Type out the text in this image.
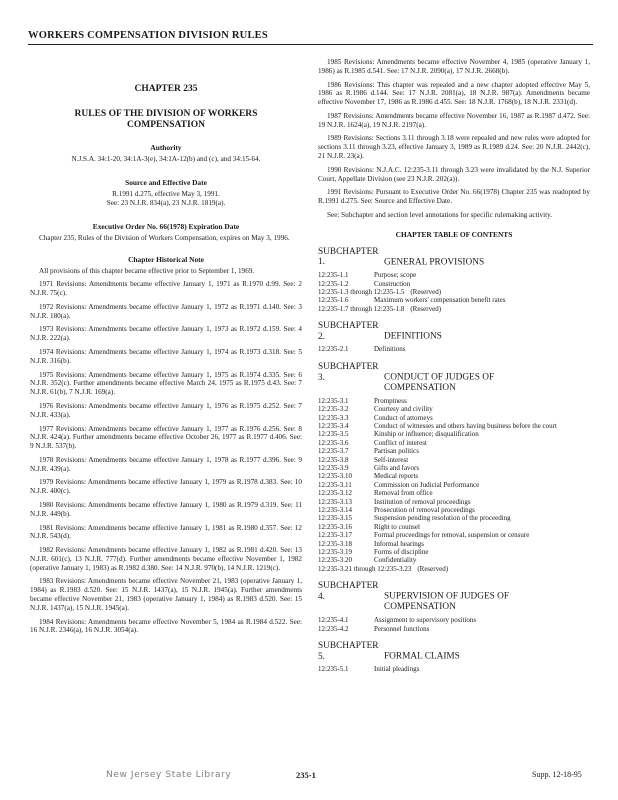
WORKERS COMPENSATION DIVISION RULES
CHAPTER 235
RULES OF THE DIVISION OF WORKERS
COMPENSATION
Authority
N.J.S.A. 34:1-20, 34:1A-3(e), 34:1A-12(b) and (c), and 34:15-64.
Source and Effective Date
R.1991 d.275, effective May 3, 1991.
See: 23 N.J.R. 834(a), 23 N.J.R. 1819(a).
Executive Order No. 66(1978) Expiration Date

Chapter 235, Rules of the Division of Workers Compensation, expires on May 3, 1996.

Chapter Historical Note

All provisions of this chapter became effective prior to September 1, 1969.

1971 Revisions: Amendments became effective January 1, 1971 as R.1970 d.99. See: 2 N.J.R. 75(c).

1972 Revisions: Amendments became effective January 1, 1972 as R.1971 d.140. See: 3 N.J.R. 180(a).

1973 Revisions: Amendments became effective January 1, 1973 as R.1972 d.159. See: 4 N.J.R. 222(a).

1974 Revisions: Amendments became effective January 1, 1974 as R.1973 d.318. See: 5 N.J.R. 316(b).

1975 Revisions: Amendments became effective January 1, 1975 as R.1974 d.335. See: 6 N.J.R. 352(c). Further amendments became effective March 24, 1975 as R.1975 d.43. See: 7 N.J.R. 61(b), 7 N.J.R. 169(a).

1976 Revisions: Amendments became effective January 1, 1976 as R.1975 d.252. See: 7 N.J.R. 433(a).

1977 Revisions: Amendments became effective January 1, 1977 as R.1976 d.256. See: 8 N.J.R. 424(a). Further amendments became effective October 26, 1977 as R.1977 d.406. See: 9 N.J.R. 537(b).

1978 Revisions: Amendments became effective January 1, 1978 as R.1977 d.396. See: 9 N.J.R. 439(a).

1979 Revisions: Amendments became effective January 1, 1979 as R.1978 d.383. See: 10 N.J.R. 400(c).

1980 Revisions: Amendments became effective January 1, 1980 as R.1979 d.319. See: 11 N.J.R. 449(b).

1981 Revisions: Amendments became effective January 1, 1981 as R.1980 d.357. See: 12 N.J.R. 543(d).

1982 Revisions: Amendments became effective January 1, 1982 as R.1981 d.420. See: 13 N.J.R. 601(c), 13 N.J.R. 777(d). Further amendments became effective November 1, 1982 (operative January 1, 1983) as R.1982 d.380. See: 14 N.J.R. 970(b), 14 N.J.R. 1219(c).

1983 Revisions: Amendments became effective November 21, 1983 (operative January 1, 1984) as R.1983 d.520. See: 15 N.J.R. 1437(a), 15 N.J.R. 1945(a). Further amendments became effective November 21, 1983 (operative January 1, 1984) as R.1983 d.520. See: 15 N.J.R. 1437(a), 15 N.J.R. 1945(a).

1984 Revisions: Amendments became effective November 5, 1984 as R.1984 d.522. See: 16 N.J.R. 2346(a), 16 N.J.R. 3054(a).

1985 Revisions: Amendments became effective November 4, 1985 (operative January 1, 1986) as R.1985 d.541. See: 17 N.J.R. 2090(a), 17 N.J.R. 2668(b).

1986 Revisions: This chapter was repealed and a new chapter adopted effective May 5, 1986 as R.1986 d.144. See: 17 N.J.R. 2081(a), 18 N.J.R. 987(a). Amendments became effective November 17, 1986 as R.1986 d.455. See: 18 N.J.R. 1768(b), 18 N.J.R. 2331(d).

1987 Revisions: Amendments became effective November 16, 1987 as R.1987 d.472. See: 19 N.J.R. 1624(a), 19 N.J.R. 2197(a).

1989 Revisions: Sections 3.11 through 3.18 were repealed and new rules were adopted for sections 3.11 through 3.23, effective January 3, 1989 as R.1989 d.24. See: 20 N.J.R. 2442(c), 21 N.J.R. 23(a).

1990 Revisions: N.J.A.C. 12:235-3.11 through 3.23 were invalidated by the N.J. Superior Court, Appellate Division (see 23 N.J.R. 202(a)).

1991 Revisions: Pursuant to Executive Order No. 66(1978) Chapter 235 was readopted by R.1991 d.275. See: Source and Effective Date.

See: Subchapter and section level annotations for specific rulemaking activity.

CHAPTER TABLE OF CONTENTS
SUBCHAPTER 1.	GENERAL PROVISIONS
12:235-1.1	Purpose; scope
12:235-1.2	Construction
12:235-1.3 through 12:235-1.5 (Reserved)
12:235-1.6	Maximum workers' compensation benefit rates
12:235-1.7 through 12:235-1.8 (Reserved)
SUBCHAPTER 2.	DEFINITIONS
12:235-2.1	Definitions
SUBCHAPTER 3.	CONDUCT OF JUDGES OF
COMPENSATION
12:235-3.1	Promptness
12:235-3.2	Courtesy and civility
12:235-3.3	Conduct of attorneys
12:235-3.4	Conduct of witnesses and others having business before the court
12:235-3.5	Kinship or influence; disqualification
12:235-3.6	Conflict of interest
12:235-3.7	Partisan politics
12:235-3.8	Self-interest
12:235-3.9	Gifts and favors
12:235-3.10	Medical reports
12:235-3.11	Commission on Judicial Performance
12:235-3.12	Removal from office
12:235-3.13	Institution of removal proceedings
12:235-3.14	Prosecution of removal proceedings
12:235-3.15	Suspension pending resolution of the proceeding
12:235-3.16	Right to counsel
12:235-3.17	Formal proceedings for removal, suspension or censure
12:235-3.18	Informal hearings
12:235-3.19	Forms of discipline
12:235-3.20	Confidentiality
12:235-3.21 through 12:235-3.23 (Reserved)
SUBCHAPTER 4.	SUPERVISION OF JUDGES OF
COMPENSATION
12:235-4.1	Assignment to supervisory positions
12:235-4.2	Personnel functions
SUBCHAPTER 5.	FORMAL CLAIMS
12:235-5.1	Initial pleadings
New Jersey State Library	235-1	Supp. 12-18-95
